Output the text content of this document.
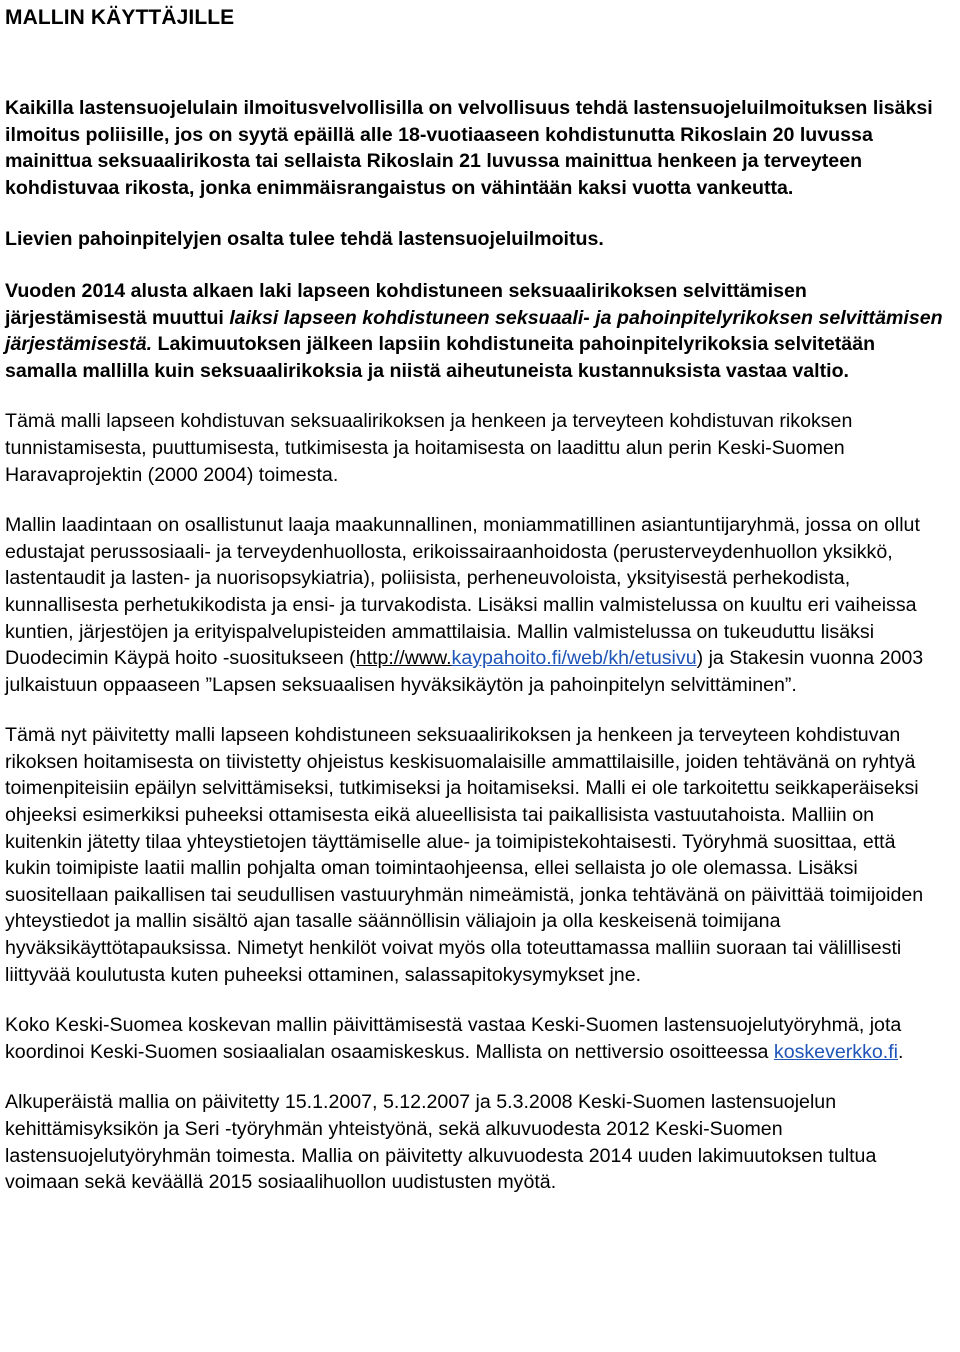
MALLIN KÄYTTÄJILLE

Kaikilla lastensuojelulain ilmoitusvelvollisilla on velvollisuus tehdä lastensuojeluilmoituksen lisäksi ilmoitus poliisille, jos on syytä epäillä alle 18-vuotiaaseen kohdistunutta Rikoslain 20 luvussa mainittua seksuaalirikosta tai sellaista Rikoslain 21 luvussa mainittua henkeen ja terveyteen kohdistuvaa rikosta, jonka enimmäisrangaistus on vähintään kaksi vuotta vankeutta.

Lievien pahoinpitelyjen osalta tulee tehdä lastensuojeluilmoitus.

Vuoden 2014 alusta alkaen laki lapseen kohdistuneen seksuaalirikoksen selvittämisen järjestämisestä muuttui laiksi lapseen kohdistuneen seksuaali- ja pahoinpitelyrikoksen selvittämisen järjestämisestä. Lakimuutoksen jälkeen lapsiin kohdistuneita pahoinpitelyrikoksia selvitetään samalla mallilla kuin seksuaalirikoksia ja niistä aiheutuneista kustannuksista vastaa valtio.

Tämä malli lapseen kohdistuvan seksuaalirikoksen ja henkeen ja terveyteen kohdistuvan rikoksen tunnistamisesta, puuttumisesta, tutkimisesta ja hoitamisesta on laadittu alun perin Keski-Suomen Haravaprojektin (2000 2004) toimesta.

Mallin laadintaan on osallistunut laaja maakunnallinen, moniammatillinen asiantuntijaryhmä, jossa on ollut edustajat perussosiaali- ja terveydenhuollosta, erikoissairaanhoidosta (perusterveydenhuollon yksikkö, lastentaudit ja lasten- ja nuorisopsykiatria), poliisista, perheneuvoloista, yksityisestä perhekodista, kunnallisesta perhetukikodista ja ensi- ja turvakodista. Lisäksi mallin valmistelussa on kuultu eri vaiheissa kuntien, järjestöjen ja erityispalvelupisteiden ammattilaisia. Mallin valmistelussa on tukeuduttu lisäksi Duodecimin Käypä hoito -suositukseen (http://www.kaypahoito.fi/web/kh/etusivu) ja Stakesin vuonna 2003 julkaistuun oppaaseen ”Lapsen seksuaalisen hyväksikäytön ja pahoinpitelyn selvittäminen”.

Tämä nyt päivitetty malli lapseen kohdistuneen seksuaalirikoksen ja henkeen ja terveyteen kohdistuvan rikoksen hoitamisesta on tiivistetty ohjeistus keskisuomalaisille ammattilaisille, joiden tehtävänä on ryhtyä toimenpiteisiin epäilyn selvittämiseksi, tutkimiseksi ja hoitamiseksi. Malli ei ole tarkoitettu seikkaperäiseksi ohjeeksi esimerkiksi puheeksi ottamisesta eikä alueellisista tai paikallisista vastuutahoista. Malliin on kuitenkin jätetty tilaa yhteystietojen täyttämiselle alue- ja toimipistekohtaisesti. Työryhmä suosittaa, että kukin toimipiste laatii mallin pohjalta oman toimintaohjeensa, ellei sellaista jo ole olemassa. Lisäksi suositellaan paikallisen tai seudullisen vastuuryhmän nimeämistä, jonka tehtävänä on päivittää toimijoiden yhteystiedot ja mallin sisältö ajan tasalle säännöllisin väliajoin ja olla keskeisenä toimijana hyväksikäyttötapauksissa. Nimetyt henkilöt voivat myös olla toteuttamassa malliin suoraan tai välillisesti liittyvää koulutusta kuten puheeksi ottaminen, salassapitokysymykset jne.

Koko Keski-Suomea koskevan mallin päivittämisestä vastaa Keski-Suomen lastensuojelutyöryhmä, jota koordinoi Keski-Suomen sosiaalialan osaamiskeskus. Mallista on nettiversio osoitteessa koskeverkko.fi.

Alkuperäistä mallia on päivitetty 15.1.2007, 5.12.2007 ja 5.3.2008 Keski-Suomen lastensuojelun kehittämisyksikön ja Seri -työryhmän yhteistyönä, sekä alkuvuodesta 2012 Keski-Suomen lastensuojelutyöryhmän toimesta. Mallia on päivitetty alkuvuodesta 2014 uuden lakimuutoksen tultua voimaan sekä keväällä 2015 sosiaalihuollon uudistusten myötä.
